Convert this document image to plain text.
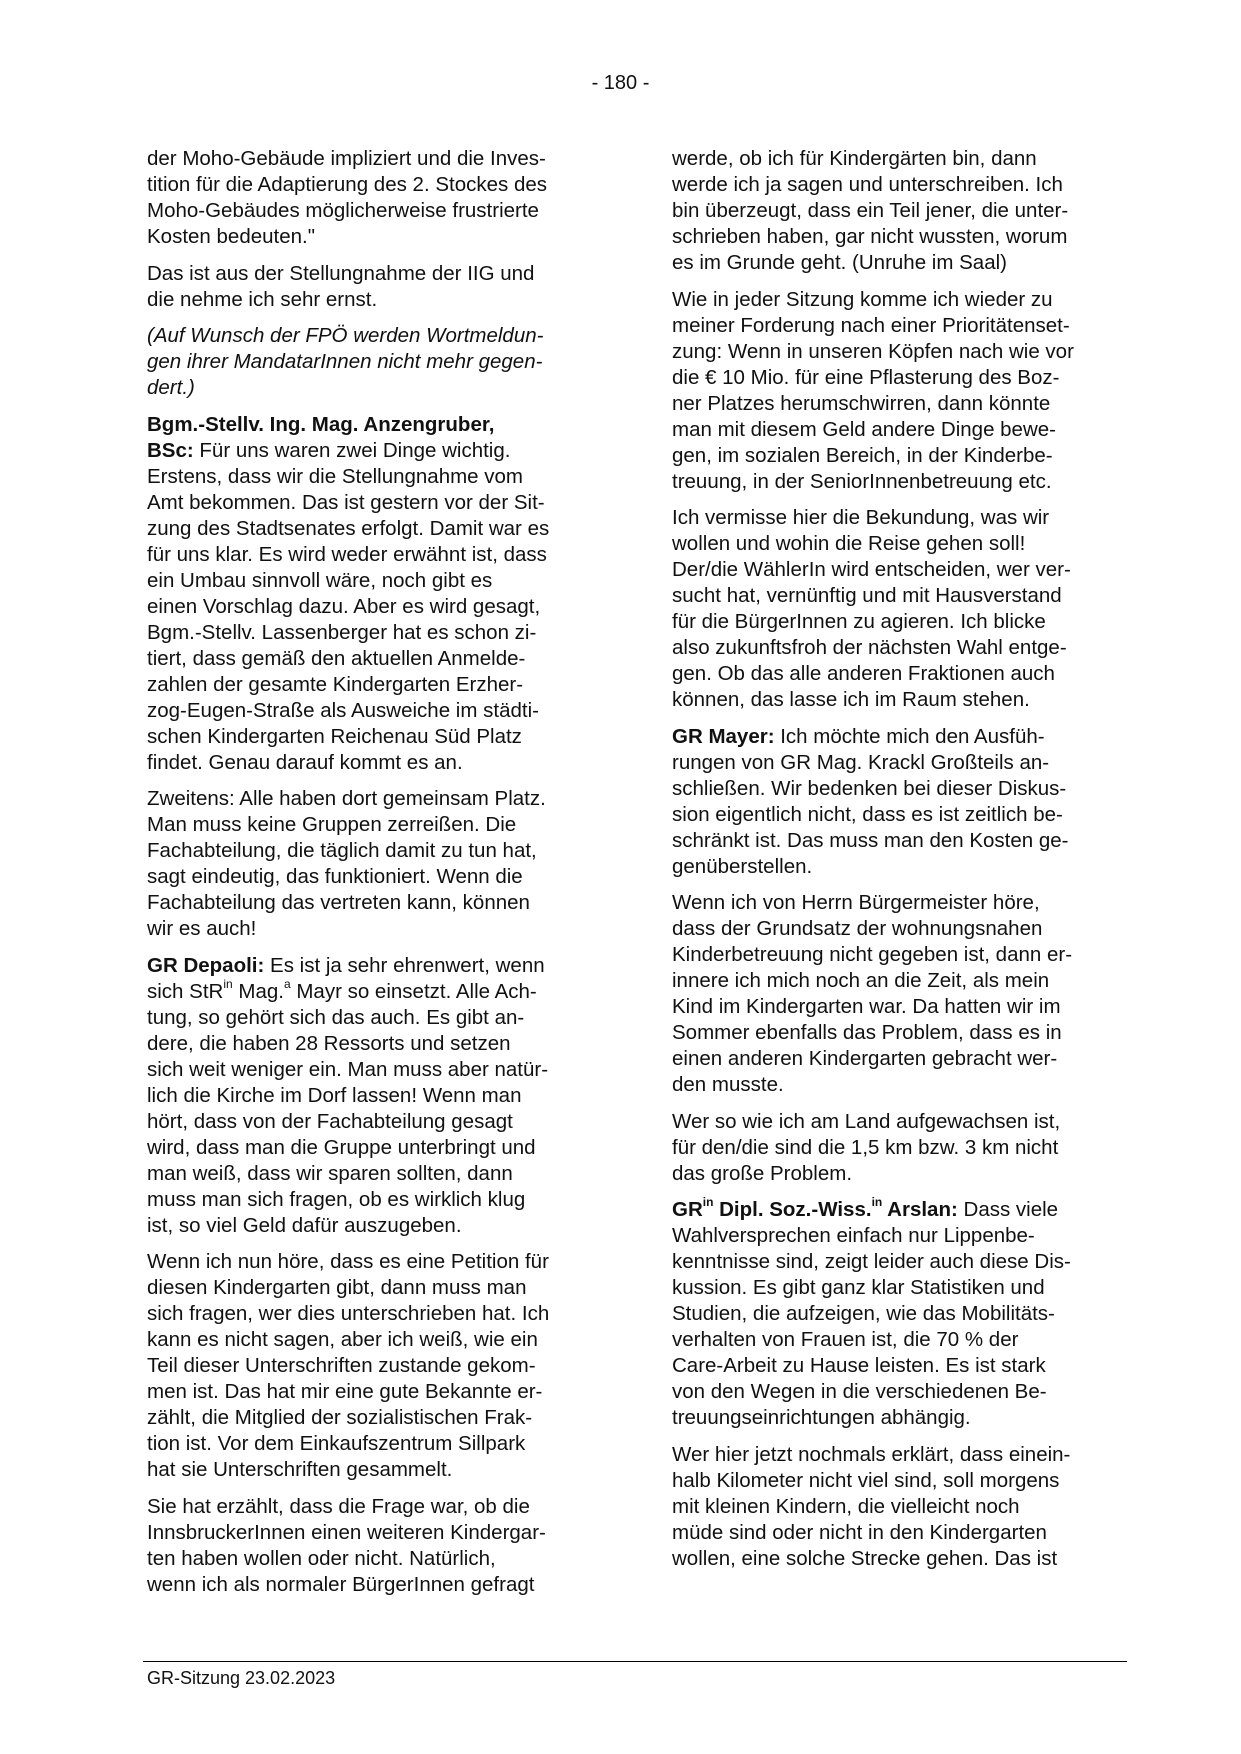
- 180 -

der Moho-Gebäude impliziert und die Inves-
tition für die Adaptierung des 2. Stockes des
Moho-Gebäudes möglicherweise frustrierte
Kosten bedeuten."

Das ist aus der Stellungnahme der IIG und
die nehme ich sehr ernst.

(Auf Wunsch der FPÖ werden Wortmeldun-
gen ihrer MandatarInnen nicht mehr gegen-
dert.)

Bgm.-Stellv. Ing. Mag. Anzengruber,
BSc: Für uns waren zwei Dinge wichtig.
Erstens, dass wir die Stellungnahme vom
Amt bekommen. Das ist gestern vor der Sit-
zung des Stadtsenates erfolgt. Damit war es
für uns klar. Es wird weder erwähnt ist, dass
ein Umbau sinnvoll wäre, noch gibt es
einen Vorschlag dazu. Aber es wird gesagt,
Bgm.-Stellv. Lassenberger hat es schon zi-
tiert, dass gemäß den aktuellen Anmelde-
zahlen der gesamte Kindergarten Erzher-
zog-Eugen-Straße als Ausweiche im städti-
schen Kindergarten Reichenau Süd Platz
findet. Genau darauf kommt es an.

Zweitens: Alle haben dort gemeinsam Platz.
Man muss keine Gruppen zerreißen. Die
Fachabteilung, die täglich damit zu tun hat,
sagt eindeutig, das funktioniert. Wenn die
Fachabteilung das vertreten kann, können
wir es auch!

GR Depaoli: Es ist ja sehr ehrenwert, wenn
sich StR$^{in}$ Mag.$^a$ Mayr so einsetzt. Alle Ach-
tung, so gehört sich das auch. Es gibt an-
dere, die haben 28 Ressorts und setzen
sich weit weniger ein. Man muss aber natür-
lich die Kirche im Dorf lassen! Wenn man
hört, dass von der Fachabteilung gesagt
wird, dass man die Gruppe unterbringt und
man weiß, dass wir sparen sollten, dann
muss man sich fragen, ob es wirklich klug
ist, so viel Geld dafür auszugeben.

Wenn ich nun höre, dass es eine Petition für
diesen Kindergarten gibt, dann muss man
sich fragen, wer dies unterschrieben hat. Ich
kann es nicht sagen, aber ich weiß, wie ein
Teil dieser Unterschriften zustande gekom-
men ist. Das hat mir eine gute Bekannte er-
zählt, die Mitglied der sozialistischen Frak-
tion ist. Vor dem Einkaufszentrum Sillpark
hat sie Unterschriften gesammelt.

Sie hat erzählt, dass die Frage war, ob die
InnsbruckerInnen einen weiteren Kindergar-
ten haben wollen oder nicht. Natürlich,
wenn ich als normaler BürgerInnen gefragt

werde, ob ich für Kindergärten bin, dann
werde ich ja sagen und unterschreiben. Ich
bin überzeugt, dass ein Teil jener, die unter-
schrieben haben, gar nicht wussten, worum
es im Grunde geht. (Unruhe im Saal)

Wie in jeder Sitzung komme ich wieder zu
meiner Forderung nach einer Prioritätenset-
zung: Wenn in unseren Köpfen nach wie vor
die € 10 Mio. für eine Pflasterung des Boz-
ner Platzes herumschwirren, dann könnte
man mit diesem Geld andere Dinge bewe-
gen, im sozialen Bereich, in der Kinderbe-
treuung, in der SeniorInnenbetreuung etc.

Ich vermisse hier die Bekundung, was wir
wollen und wohin die Reise gehen soll!
Der/die WählerIn wird entscheiden, wer ver-
sucht hat, vernünftig und mit Hausverstand
für die BürgerInnen zu agieren. Ich blicke
also zukunftsfroh der nächsten Wahl entge-
gen. Ob das alle anderen Fraktionen auch
können, das lasse ich im Raum stehen.

GR Mayer: Ich möchte mich den Ausfüh-
rungen von GR Mag. Krackl Großteils an-
schließen. Wir bedenken bei dieser Diskus-
sion eigentlich nicht, dass es ist zeitlich be-
schränkt ist. Das muss man den Kosten ge-
genüberstellen.

Wenn ich von Herrn Bürgermeister höre,
dass der Grundsatz der wohnungsnahen
Kinderbetreuung nicht gegeben ist, dann er-
innere ich mich noch an die Zeit, als mein
Kind im Kindergarten war. Da hatten wir im
Sommer ebenfalls das Problem, dass es in
einen anderen Kindergarten gebracht wer-
den musste.

Wer so wie ich am Land aufgewachsen ist,
für den/die sind die 1,5 km bzw. 3 km nicht
das große Problem.

$GR^{in}$ Dipl. Soz.-Wiss.$^{in}$ Arslan: Dass viele
Wahlversprechen einfach nur Lippenbe-
kenntnisse sind, zeigt leider auch diese Dis-
kussion. Es gibt ganz klar Statistiken und
Studien, die aufzeigen, wie das Mobilitäts-
verhalten von Frauen ist, die 70 % der
Care-Arbeit zu Hause leisten. Es ist stark
von den Wegen in die verschiedenen Be-
treuungseinrichtungen abhängig.

Wer hier jetzt nochmals erklärt, dass einein-
halb Kilometer nicht viel sind, soll morgens
mit kleinen Kindern, die vielleicht noch
müde sind oder nicht in den Kindergarten
wollen, eine solche Strecke gehen. Das ist

GR-Sitzung 23.02.2023
